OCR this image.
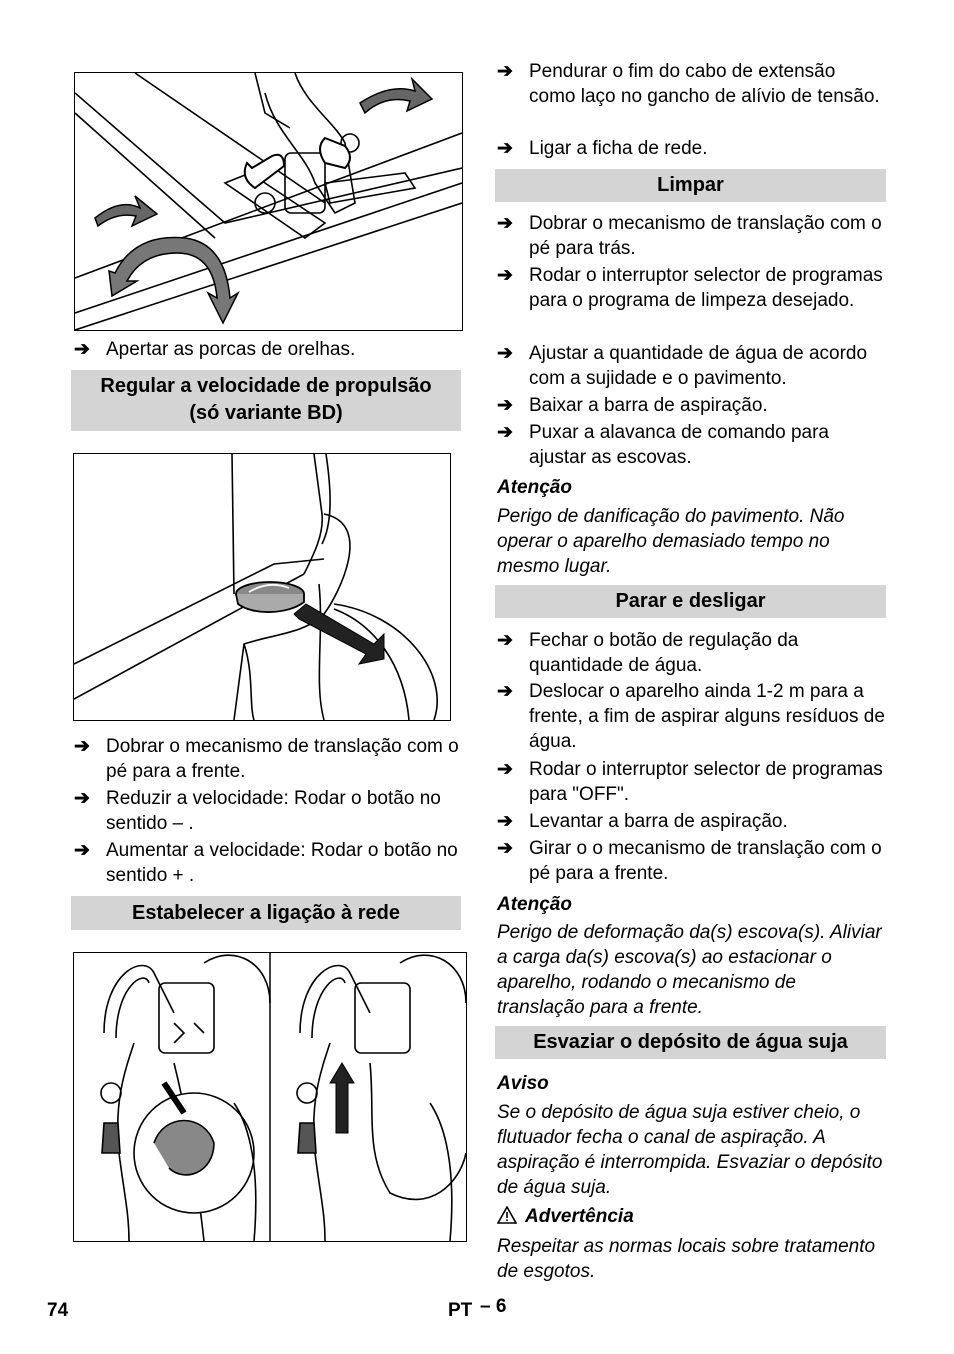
➔ Apertar as porcas de orelhas.
Regular a velocidade de propulsão
(só variante BD)
➔ Dobrar o mecanismo de translação com o pé para a frente.
➔ Reduzir a velocidade: Rodar o botão no sentido – .
➔ Aumentar a velocidade: Rodar o botão no sentido + .
Estabelecer a ligação à rede
➔ Pendurar o fim do cabo de extensão como laço no gancho de alívio de tensão.
➔ Ligar a ficha de rede.
Limpar
➔ Dobrar o mecanismo de translação com o pé para trás.
➔ Rodar o interruptor selector de programas para o programa de limpeza desejado.
➔ Ajustar a quantidade de água de acordo com a sujidade e o pavimento.
➔ Baixar a barra de aspiração.
➔ Puxar a alavanca de comando para ajustar as escovas.
Atenção
Perigo de danificação do pavimento. Não operar o aparelho demasiado tempo no mesmo lugar.
Parar e desligar
➔ Fechar o botão de regulação da quantidade de água.
➔ Deslocar o aparelho ainda 1-2 m para a frente, a fim de aspirar alguns resíduos de água.
➔ Rodar o interruptor selector de programas para "OFF".
➔ Levantar a barra de aspiração.
➔ Girar o o mecanismo de translação com o pé para a frente.
Atenção
Perigo de deformação da(s) escova(s). Aliviar a carga da(s) escova(s) ao estacionar o aparelho, rodando o mecanismo de translação para a frente.
Esvaziar o depósito de água suja
Aviso
Se o depósito de água suja estiver cheio, o flutuador fecha o canal de aspiração. A aspiração é interrompida. Esvaziar o depósito de água suja.
Advertência
Respeitar as normas locais sobre tratamento de esgotos.
74	PT – 6
